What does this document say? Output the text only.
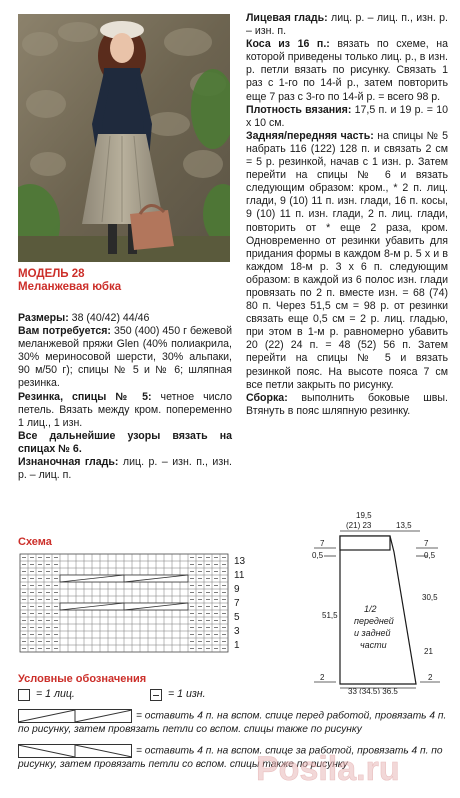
МОДЕЛЬ 28
Меланжевая юбка

Размеры: 38 (40/42) 44/46

Вам потребуется: 350 (400) 450 г бежевой меланжевой пряжи Glen (40% полиакрила, 30% мериносовой шерсти, 30% альпаки, 90 м/50 г); спицы № 5 и № 6; шляпная резинка.

Резинка, спицы № 5: четное число петель. Вязать между кром. попеременно 1 лиц., 1 изн.

Все дальнейшие узоры вязать на спицах № 6.

Изнаночная гладь: лиц. р. – изн. п., изн. р. – лиц. п.

Лицевая гладь: лиц. р. – лиц. п., изн. р. – изн. п.

Коса из 16 п.: вязать по схеме, на которой приведены только лиц. р., в изн. р. петли вязать по рисунку. Связать 1 раз с 1-го по 14-й р., затем повторить еще 7 раз с 3-го по 14-й р. = всего 98 р.

Плотность вязания: 17,5 п. и 19 р. = 10 х 10 см.

Задняя/передняя часть: на спицы № 5 набрать 116 (122) 128 п. и связать 2 см = 5 р. резинкой, начав с 1 изн. р. Затем перейти на спицы № 6 и вязать следующим образом: кром., * 2 п. лиц. глади, 9 (10) 11 п. изн. глади, 16 п. косы, 9 (10) 11 п. изн. глади, 2 п. лиц. глади, повторить от * еще 2 раза, кром. Одновременно от резинки убавить для придания формы в каждом 8-м р. 5 х и в каждом 18-м р. 3 х 6 п. следующим образом: в каждой из 6 полос изн. глади провязать по 2 п. вместе изн. = 68 (74) 80 п. Через 51,5 см = 98 р. от резинки связать еще 0,5 см = 2 р. лиц. гладью, при этом в 1-м р. равномерно убавить 20 (22) 24 п. = 48 (52) 56 п. Затем перейти на спицы № 5 и вязать резинкой пояс. На высоте пояса 7 см все петли закрыть по рисунку.

Сборка: выполнить боковые швы. Втянуть в пояс шляпную резинку.

Схема
13
11
9
7
5
3
1
19,5
(21) 23	13,5
7
0,5
51,5
2
7
0,5
30,5
21
2
1/2
передней
и задней
части
33 (34,5) 36,5
Условные обозначения
= 1 лиц.	= 1 изн.
= оставить 4 п. на вспом. спице перед работой, провязать 4 п. по рисунку, затем провязать петли со вспом. спицы также по рисунку
= оставить 4 п. на вспом. спице за работой, провязать 4 п. по рисунку, затем провязать петли со вспом. спицы также по рисунку
Posila.ru
